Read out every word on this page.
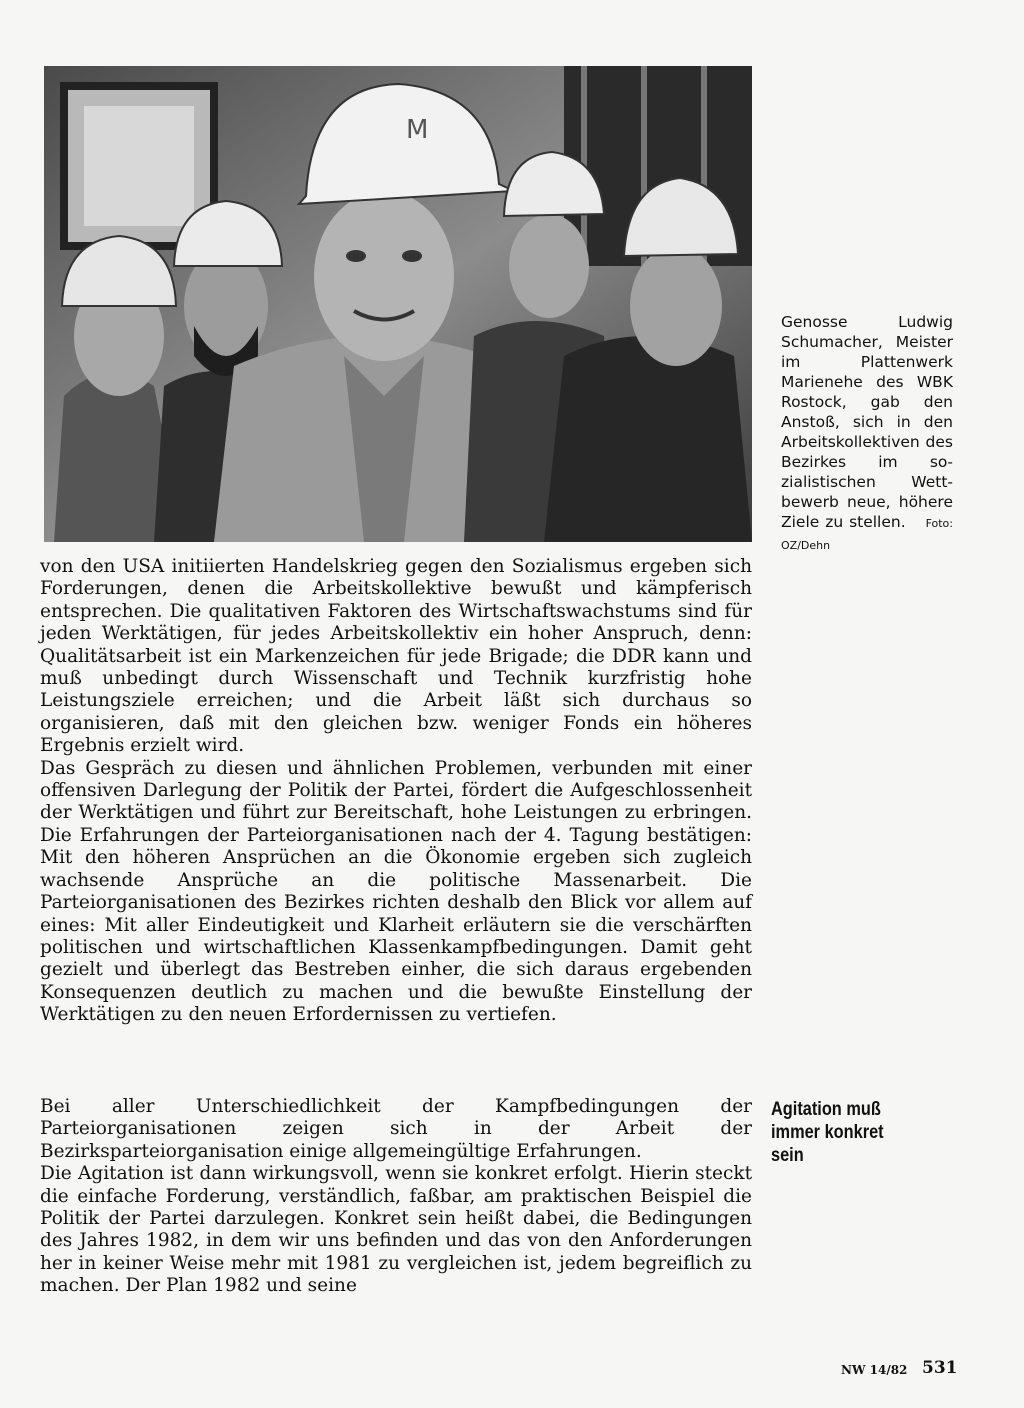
M
Genosse Ludwig Schumacher, Meister im Plattenwerk Marienehe des WBK Rostock, gab den Anstoß, sich in den Arbeitskollektiven des Bezirkes im sozialistischen Wettbewerb neue, höhere Ziele zu stellen. Foto: OZ/Dehn

von den USA initiierten Handelskrieg gegen den Sozialismus ergeben sich Forderungen, denen die Arbeitskollektive bewußt und kämpferisch entsprechen. Die qualitativen Faktoren des Wirtschaftswachstums sind für jeden Werktätigen, für jedes Arbeitskollektiv ein hoher Anspruch, denn: Qualitätsarbeit ist ein Markenzeichen für jede Brigade; die DDR kann und muß unbedingt durch Wissenschaft und Technik kurzfristig hohe Leistungsziele erreichen; und die Arbeit läßt sich durchaus so organisieren, daß mit den gleichen bzw. weniger Fonds ein höheres Ergebnis erzielt wird.

Das Gespräch zu diesen und ähnlichen Problemen, verbunden mit einer offensiven Darlegung der Politik der Partei, fördert die Aufgeschlossenheit der Werktätigen und führt zur Bereitschaft, hohe Leistungen zu erbringen. Die Erfahrungen der Parteiorganisationen nach der 4. Tagung bestätigen: Mit den höheren Ansprüchen an die Ökonomie ergeben sich zugleich wachsende Ansprüche an die politische Massenarbeit. Die Parteiorganisationen des Bezirkes richten deshalb den Blick vor allem auf eines: Mit aller Eindeutigkeit und Klarheit erläutern sie die verschärften politischen und wirtschaftlichen Klassenkampfbedingungen. Damit geht gezielt und überlegt das Bestreben einher, die sich daraus ergebenden Konsequenzen deutlich zu machen und die bewußte Einstellung der Werktätigen zu den neuen Erfordernissen zu vertiefen.

Agitation muß immer konkret sein

Bei aller Unterschiedlichkeit der Kampfbedingungen der Parteiorganisationen zeigen sich in der Arbeit der Bezirksparteiorganisation einige allgemeingültige Erfahrungen.

Die Agitation ist dann wirkungsvoll, wenn sie konkret erfolgt. Hierin steckt die einfache Forderung, verständlich, faßbar, am praktischen Beispiel die Politik der Partei darzulegen. Konkret sein heißt dabei, die Bedingungen des Jahres 1982, in dem wir uns befinden und das von den Anforderungen her in keiner Weise mehr mit 1981 zu vergleichen ist, jedem begreiflich zu machen. Der Plan 1982 und seine

NW 14/82 531
